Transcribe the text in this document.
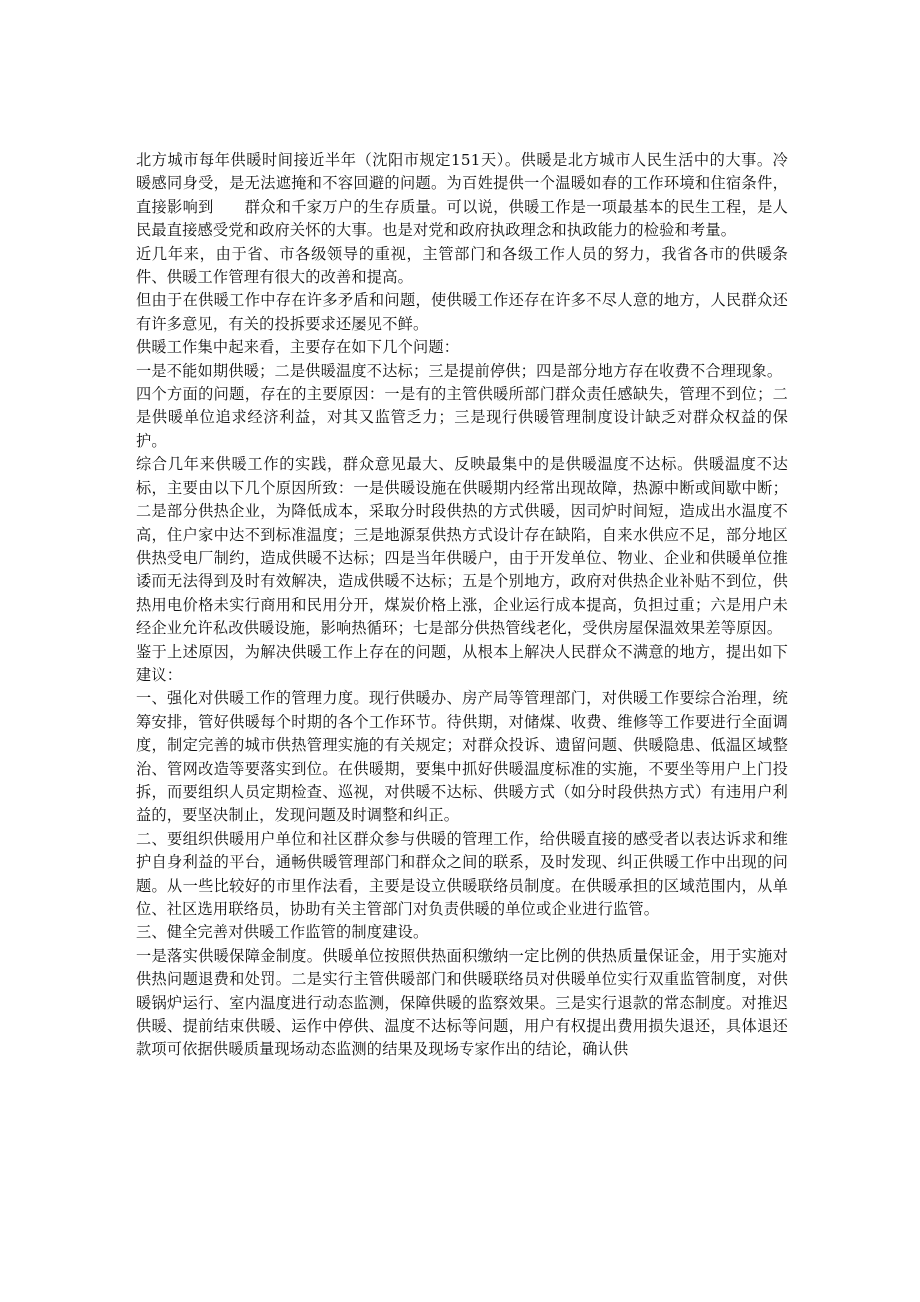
北方城市每年供暖时间接近半年（沈阳市规定151天）。供暖是北方城市人民生活中的大事。冷暖感同身受，是无法遮掩和不容回避的问题。为百姓提供一个温暖如春的工作环境和住宿条件，直接影响到　　群众和千家万户的生存质量。可以说，供暖工作是一项最基本的民生工程，是人民最直接感受党和政府关怀的大事。也是对党和政府执政理念和执政能力的检验和考量。

近几年来，由于省、市各级领导的重视，主管部门和各级工作人员的努力，我省各市的供暖条件、供暖工作管理有很大的改善和提高。

但由于在供暖工作中存在许多矛盾和问题，使供暖工作还存在许多不尽人意的地方，人民群众还有许多意见，有关的投拆要求还屡见不鲜。

供暖工作集中起来看，主要存在如下几个问题：

一是不能如期供暖；二是供暖温度不达标；三是提前停供；四是部分地方存在收费不合理现象。

四个方面的问题，存在的主要原因：一是有的主管供暖所部门群众责任感缺失，管理不到位；二是供暖单位追求经济利益，对其又监管乏力；三是现行供暖管理制度设计缺乏对群众权益的保护。

综合几年来供暖工作的实践，群众意见最大、反映最集中的是供暖温度不达标。供暖温度不达标，主要由以下几个原因所致：一是供暖设施在供暖期内经常出现故障，热源中断或间歇中断；二是部分供热企业，为降低成本，采取分时段供热的方式供暖，因司炉时间短，造成出水温度不高，住户家中达不到标准温度；三是地源泵供热方式设计存在缺陷，自来水供应不足，部分地区供热受电厂制约，造成供暖不达标；四是当年供暖户，由于开发单位、物业、企业和供暖单位推诿而无法得到及时有效解决，造成供暖不达标；五是个别地方，政府对供热企业补贴不到位，供热用电价格未实行商用和民用分开，煤炭价格上涨，企业运行成本提高，负担过重；六是用户未经企业允许私改供暖设施，影响热循环；七是部分供热管线老化，受供房屋保温效果差等原因。

鉴于上述原因，为解决供暖工作上存在的问题，从根本上解决人民群众不满意的地方，提出如下建议：

一、强化对供暖工作的管理力度。现行供暖办、房产局等管理部门，对供暖工作要综合治理，统筹安排，管好供暖每个时期的各个工作环节。待供期，对储煤、收费、维修等工作要进行全面调度，制定完善的城市供热管理实施的有关规定；对群众投诉、遗留问题、供暖隐患、低温区域整治、管网改造等要落实到位。在供暖期，要集中抓好供暖温度标准的实施，不要坐等用户上门投拆，而要组织人员定期检查、巡视，对供暖不达标、供暖方式（如分时段供热方式）有违用户利益的，要坚决制止，发现问题及时调整和纠正。

二、要组织供暖用户单位和社区群众参与供暖的管理工作，给供暖直接的感受者以表达诉求和维护自身利益的平台，通畅供暖管理部门和群众之间的联系，及时发现、纠正供暖工作中出现的问题。从一些比较好的市里作法看，主要是设立供暖联络员制度。在供暖承担的区域范围内，从单位、社区选用联络员，协助有关主管部门对负责供暖的单位或企业进行监管。

三、健全完善对供暖工作监管的制度建设。

一是落实供暖保障金制度。供暖单位按照供热面积缴纳一定比例的供热质量保证金，用于实施对供热问题退费和处罚。二是实行主管供暖部门和供暖联络员对供暖单位实行双重监管制度，对供暖锅炉运行、室内温度进行动态监测，保障供暖的监察效果。三是实行退款的常态制度。对推迟供暖、提前结束供暖、运作中停供、温度不达标等问题，用户有权提出费用损失退还，具体退还款项可依据供暖质量现场动态监测的结果及现场专家作出的结论，确认供
